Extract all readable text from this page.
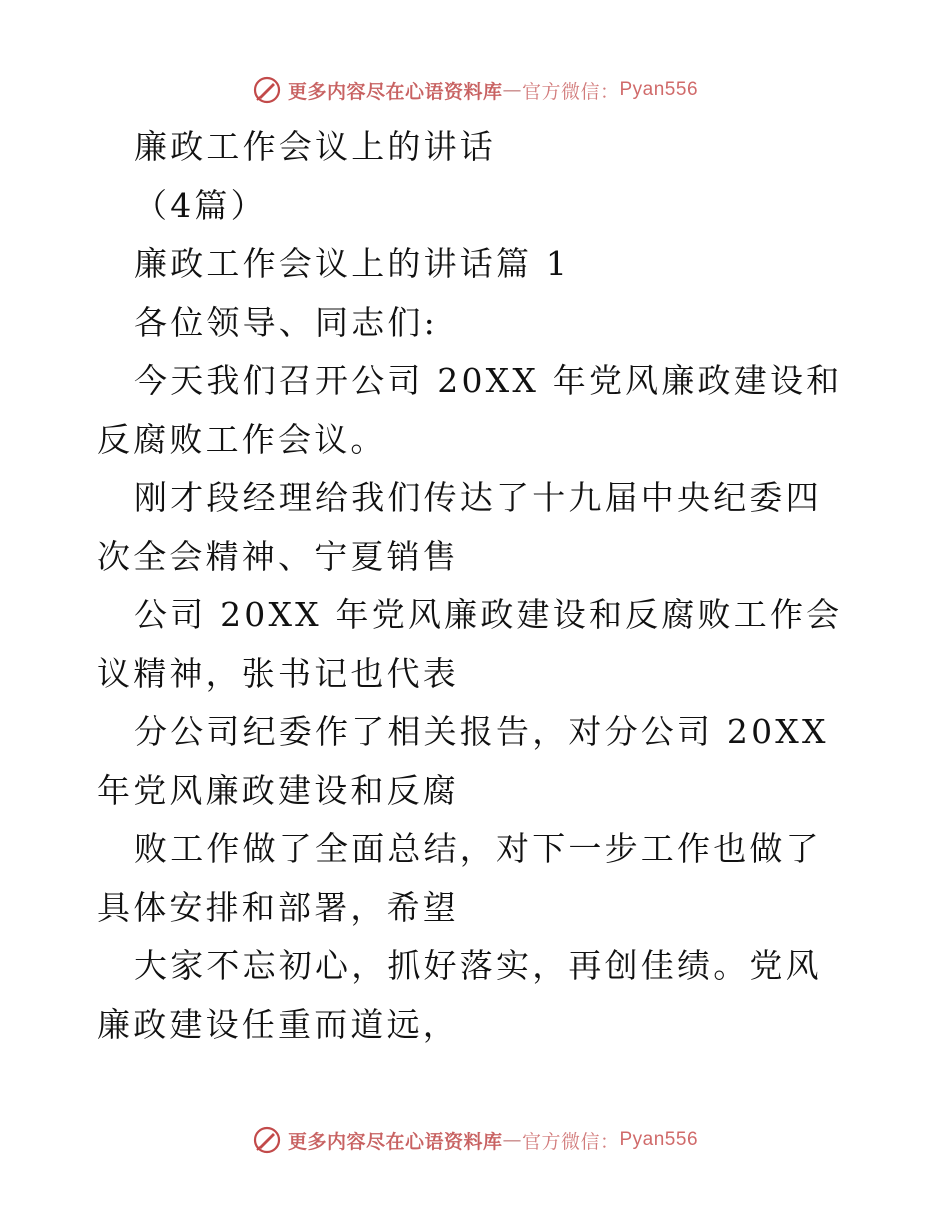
更多内容尽在心语资料库 — 官方微信： Pyan556

廉政工作会议上的讲话

（4篇）

廉政工作会议上的讲话篇 1

各位领导、同志们:

今天我们召开公司 20XX 年党风廉政建设和反腐败工作会议。

刚才段经理给我们传达了十九届中央纪委四次全会精神、宁夏销售

公司 20XX 年党风廉政建设和反腐败工作会议精神，张书记也代表

分公司纪委作了相关报告，对分公司 20XX 年党风廉政建设和反腐

败工作做了全面总结，对下一步工作也做了具体安排和部署，希望

大家不忘初心，抓好落实，再创佳绩。党风廉政建设任重而道远，

更多内容尽在心语资料库 — 官方微信： Pyan556
